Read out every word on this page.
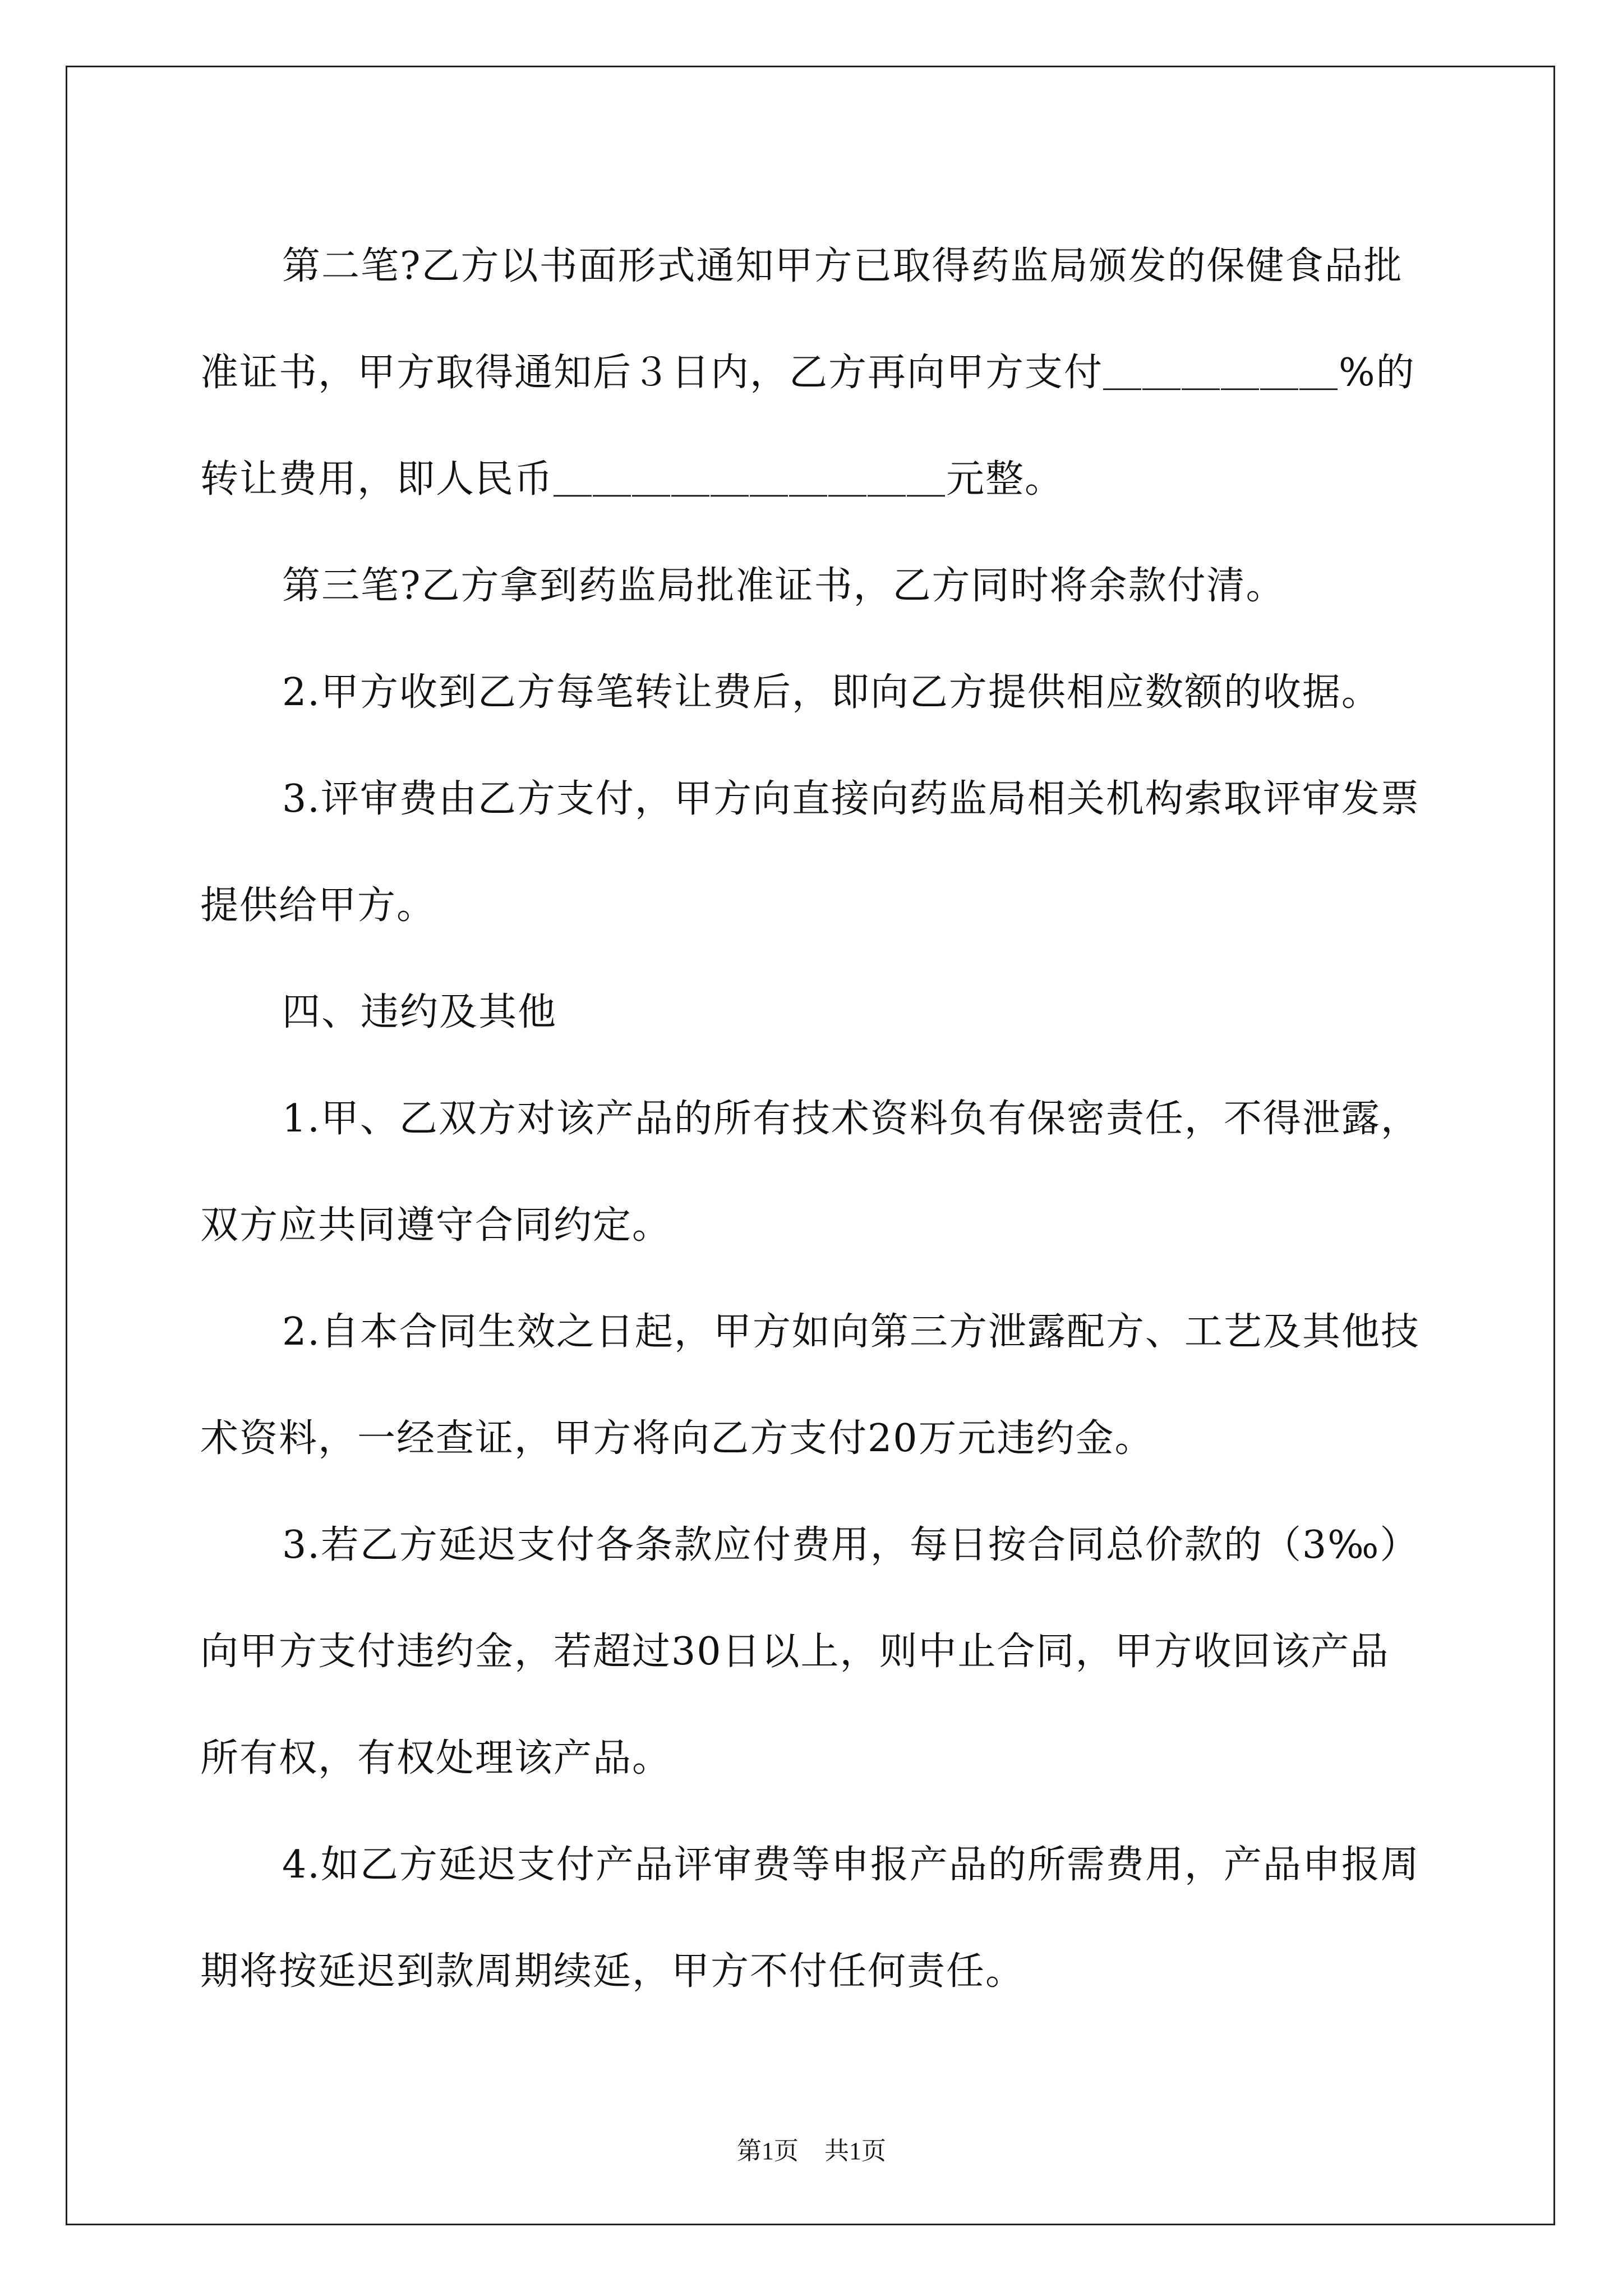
第二笔?乙方以书面形式通知甲方已取得药监局颁发的保健食品批准证书，甲方取得通知后３日内，乙方再向甲方支付＿＿＿＿＿＿%的转让费用，即人民币＿＿＿＿＿＿＿＿＿＿元整。

第三笔?乙方拿到药监局批准证书，乙方同时将余款付清。

2.甲方收到乙方每笔转让费后，即向乙方提供相应数额的收据。

3.评审费由乙方支付，甲方向直接向药监局相关机构索取评审发票提供给甲方。

四、违约及其他

1.甲、乙双方对该产品的所有技术资料负有保密责任，不得泄露，双方应共同遵守合同约定。

2.自本合同生效之日起，甲方如向第三方泄露配方、工艺及其他技术资料，一经查证，甲方将向乙方支付20万元违约金。

3.若乙方延迟支付各条款应付费用，每日按合同总价款的（3‰）向甲方支付违约金，若超过30日以上，则中止合同，甲方收回该产品所有权，有权处理该产品。

4.如乙方延迟支付产品评审费等申报产品的所需费用，产品申报周期将按延迟到款周期续延，甲方不付任何责任。

第1页 共1页
